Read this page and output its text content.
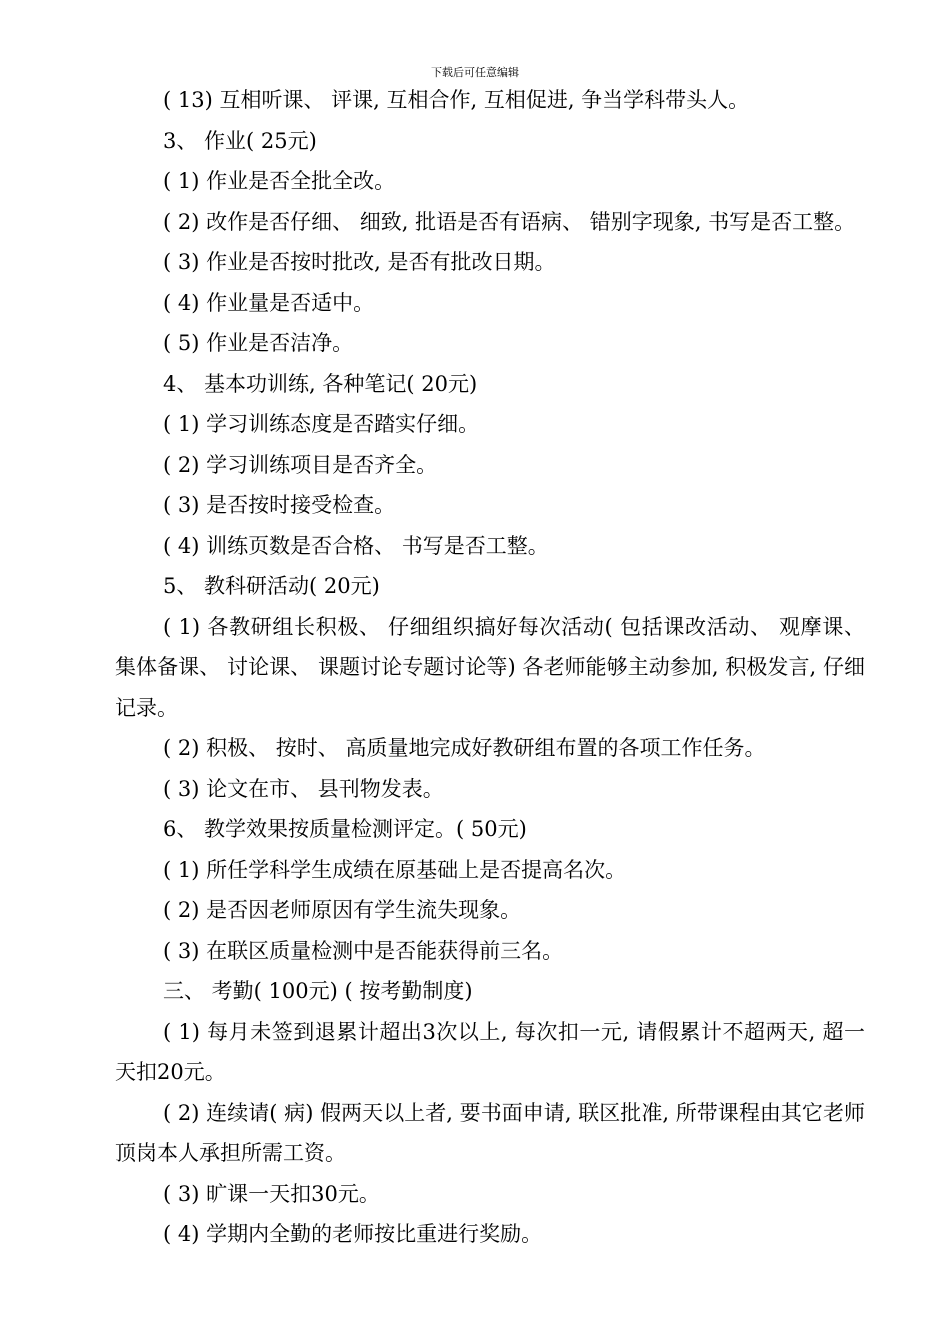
下载后可任意编辑

( 13) 互相听课、 评课, 互相合作, 互相促进, 争当学科带头人。

3、 作业( 25元)

( 1) 作业是否全批全改。

( 2) 改作是否仔细、 细致, 批语是否有语病、 错别字现象, 书写是否工整。

( 3) 作业是否按时批改, 是否有批改日期。

( 4) 作业量是否适中。

( 5) 作业是否洁净。

4、 基本功训练, 各种笔记( 20元)

( 1) 学习训练态度是否踏实仔细。

( 2) 学习训练项目是否齐全。

( 3) 是否按时接受检查。

( 4) 训练页数是否合格、 书写是否工整。

5、 教科研活动( 20元)

( 1) 各教研组长积极、 仔细组织搞好每次活动( 包括课改活动、 观摩课、 集体备课、 讨论课、 课题讨论专题讨论等) 各老师能够主动参加, 积极发言, 仔细记录。

( 2) 积极、 按时、 高质量地完成好教研组布置的各项工作任务。

( 3) 论文在市、 县刊物发表。

6、 教学效果按质量检测评定。( 50元)

( 1) 所任学科学生成绩在原基础上是否提高名次。

( 2) 是否因老师原因有学生流失现象。

( 3) 在联区质量检测中是否能获得前三名。

三、 考勤( 100元) ( 按考勤制度)

( 1) 每月未签到退累计超出3次以上, 每次扣一元, 请假累计不超两天, 超一天扣20元。

( 2) 连续请( 病) 假两天以上者, 要书面申请, 联区批准, 所带课程由其它老师顶岗本人承担所需工资。

( 3) 旷课一天扣30元。

( 4) 学期内全勤的老师按比重进行奖励。
